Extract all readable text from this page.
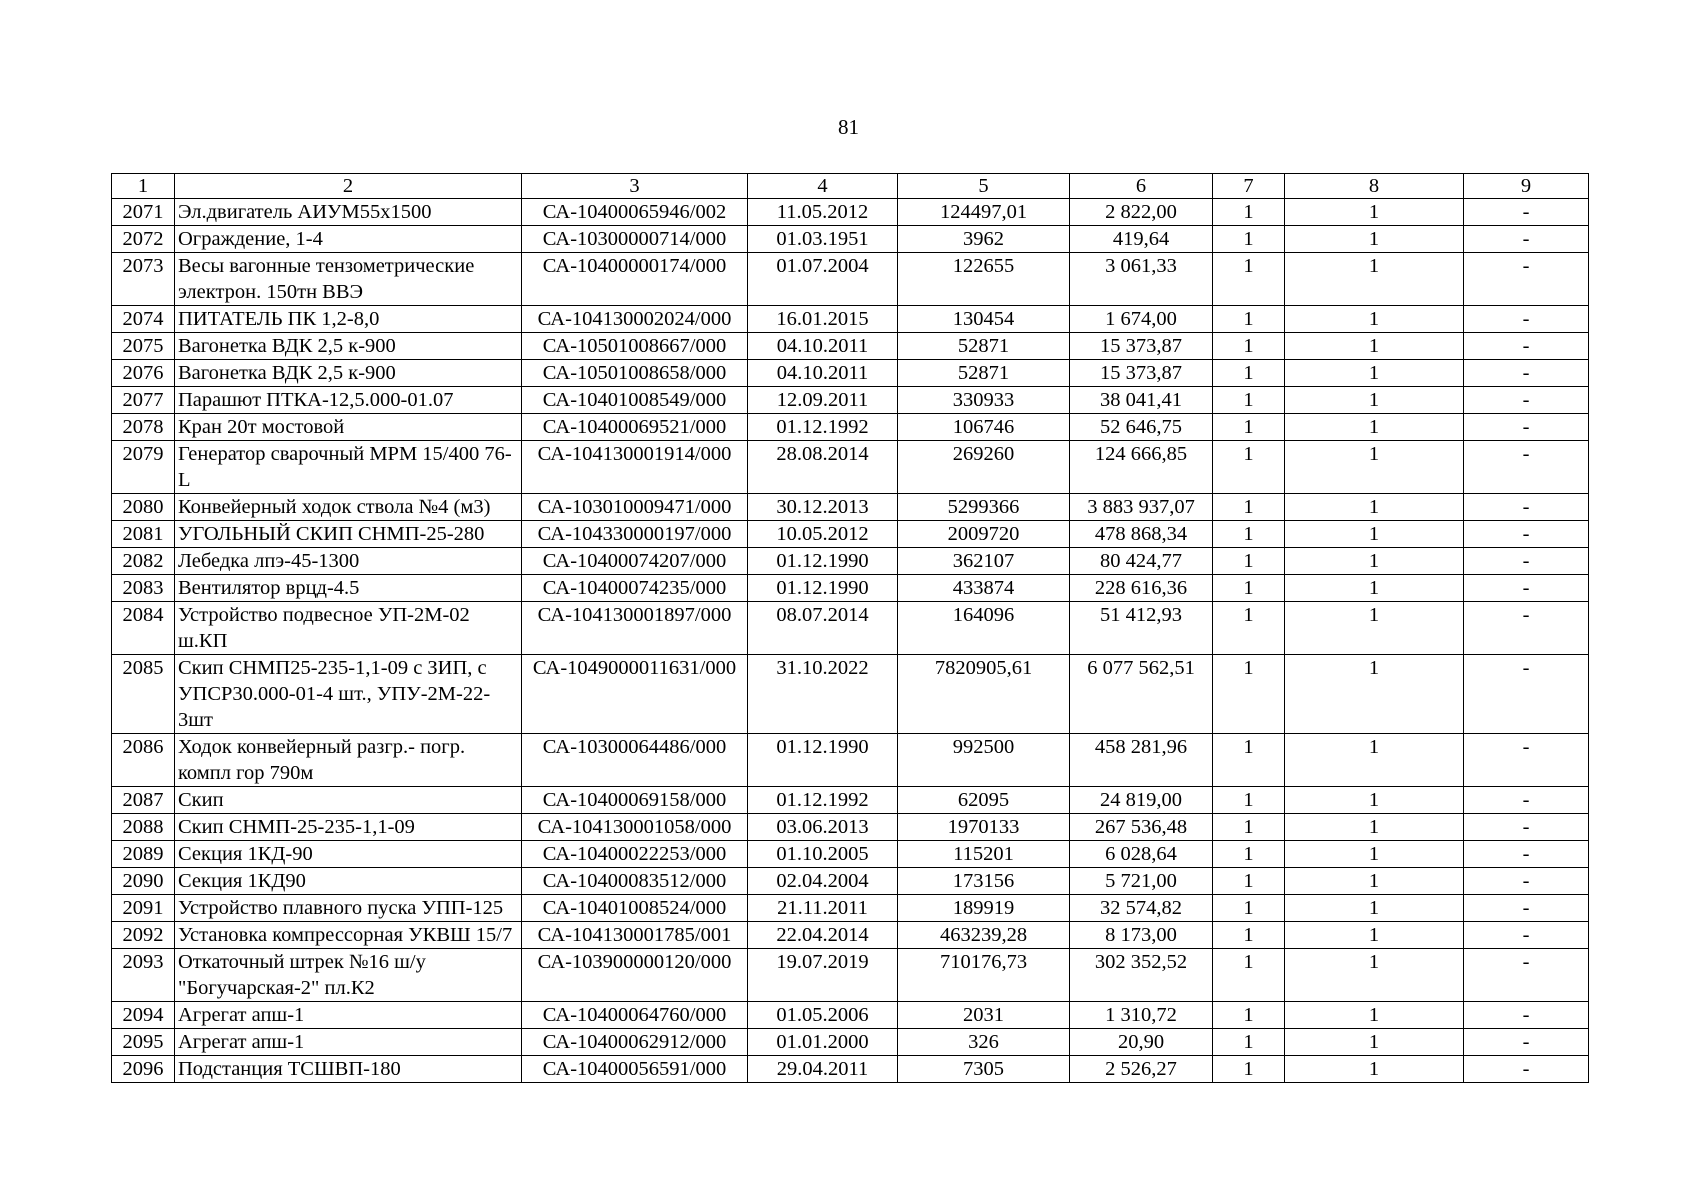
81
1	2	3	4	5	6	7	8	9
2071	Эл.двигатель АИУМ55х1500	СА-10400065946/002	11.05.2012	124497,01	2 822,00	1	1	-
2072	Ограждение, 1-4	СА-10300000714/000	01.03.1951	3962	419,64	1	1	-
2073	Весы вагонные тензометрические электрон. 150тн ВВЭ	СА-10400000174/000	01.07.2004	122655	3 061,33	1	1	-
2074	ПИТАТЕЛЬ ПК 1,2-8,0	СА-104130002024/000	16.01.2015	130454	1 674,00	1	1	-
2075	Вагонетка ВДК 2,5 к-900	СА-10501008667/000	04.10.2011	52871	15 373,87	1	1	-
2076	Вагонетка ВДК 2,5 к-900	СА-10501008658/000	04.10.2011	52871	15 373,87	1	1	-
2077	Парашют ПТКА-12,5.000-01.07	СА-10401008549/000	12.09.2011	330933	38 041,41	1	1	-
2078	Кран 20т мостовой	СА-10400069521/000	01.12.1992	106746	52 646,75	1	1	-
2079	Генератор сварочный МРМ 15/400 76-L	СА-104130001914/000	28.08.2014	269260	124 666,85	1	1	-
2080	Конвейерный ходок ствола №4 (м3)	СА-103010009471/000	30.12.2013	5299366	3 883 937,07	1	1	-
2081	УГОЛЬНЫЙ СКИП СНМП-25-280	СА-104330000197/000	10.05.2012	2009720	478 868,34	1	1	-
2082	Лебедка лпэ-45-1300	СА-10400074207/000	01.12.1990	362107	80 424,77	1	1	-
2083	Вентилятор врцд-4.5	СА-10400074235/000	01.12.1990	433874	228 616,36	1	1	-
2084	Устройство подвесное УП-2М-02 ш.КП	СА-104130001897/000	08.07.2014	164096	51 412,93	1	1	-
2085	Скип СНМП25-235-1,1-09 с ЗИП, с УПСР30.000-01-4 шт., УПУ-2М-22-3шт	СА-1049000011631/000	31.10.2022	7820905,61	6 077 562,51	1	1	-
2086	Ходок конвейерный разгр.- погр. компл гор 790м	СА-10300064486/000	01.12.1990	992500	458 281,96	1	1	-
2087	Скип	СА-10400069158/000	01.12.1992	62095	24 819,00	1	1	-
2088	Скип СНМП-25-235-1,1-09	СА-104130001058/000	03.06.2013	1970133	267 536,48	1	1	-
2089	Секция 1КД-90	СА-10400022253/000	01.10.2005	115201	6 028,64	1	1	-
2090	Секция 1КД90	СА-10400083512/000	02.04.2004	173156	5 721,00	1	1	-
2091	Устройство плавного пуска УПП-125	СА-10401008524/000	21.11.2011	189919	32 574,82	1	1	-
2092	Установка компрессорная УКВШ 15/7	СА-104130001785/001	22.04.2014	463239,28	8 173,00	1	1	-
2093	Откаточный штрек №16 ш/у "Богучарская-2" пл.К2	СА-103900000120/000	19.07.2019	710176,73	302 352,52	1	1	-
2094	Агрегат апш-1	СА-10400064760/000	01.05.2006	2031	1 310,72	1	1	-
2095	Агрегат апш-1	СА-10400062912/000	01.01.2000	326	20,90	1	1	-
2096	Подстанция ТСШВП-180	СА-10400056591/000	29.04.2011	7305	2 526,27	1	1	-
